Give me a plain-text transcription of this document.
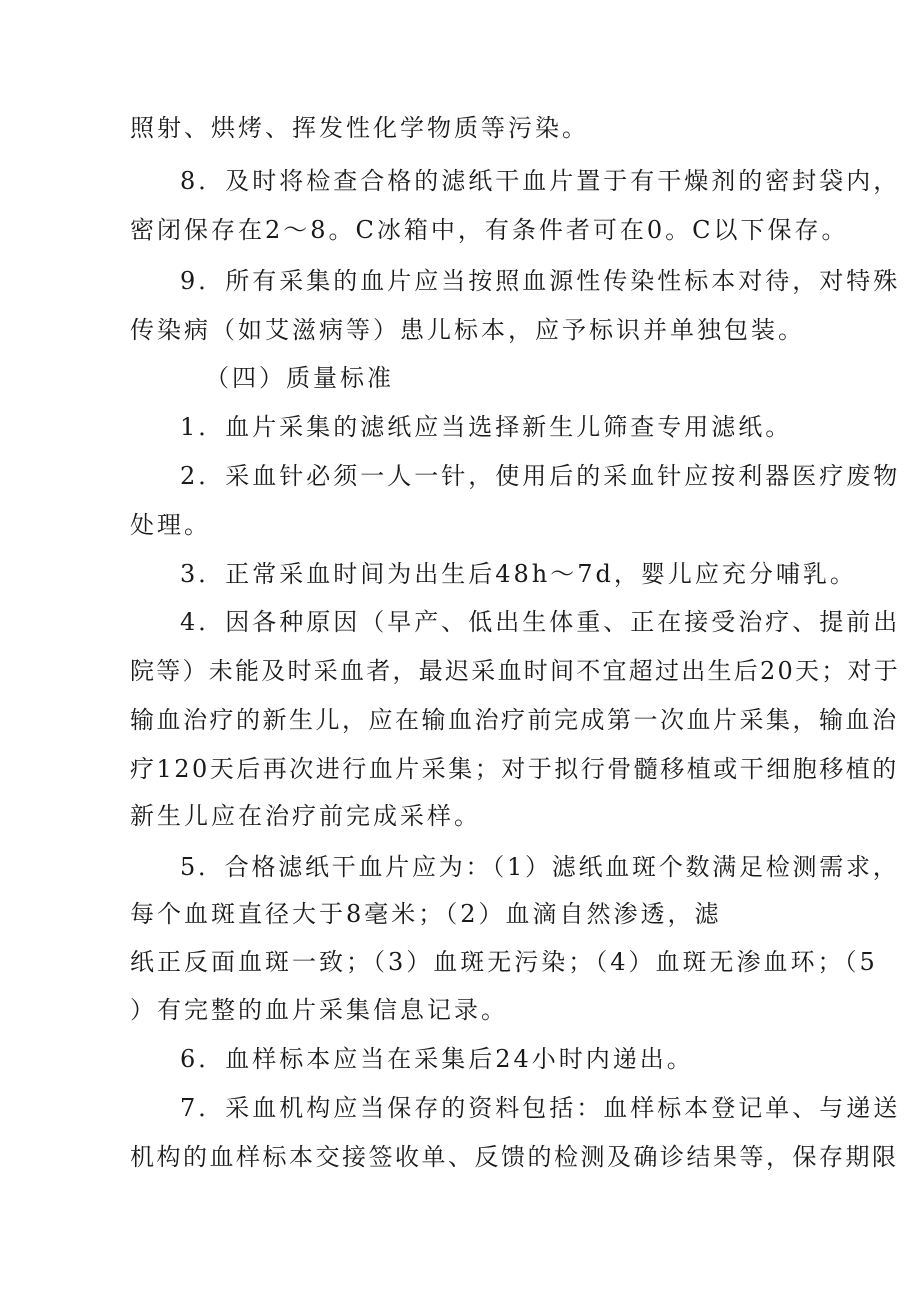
照射、烘烤、挥发性化学物质等污染。
8．及时将检查合格的滤纸干血片置于有干燥剂的密封袋内，
密闭保存在2～8。C冰箱中，有条件者可在0。C以下保存。
9．所有采集的血片应当按照血源性传染性标本对待，对特殊
传染病（如艾滋病等）患儿标本，应予标识并单独包装。
（四）质量标准
1．血片采集的滤纸应当选择新生儿筛查专用滤纸。
2．采血针必须一人一针，使用后的采血针应按利器医疗废物
处理。
3．正常采血时间为出生后48h～7d，婴儿应充分哺乳。
4．因各种原因（早产、低出生体重、正在接受治疗、提前出
院等）未能及时采血者，最迟采血时间不宜超过出生后20天；对于
输血治疗的新生儿，应在输血治疗前完成第一次血片采集，输血治
疗120天后再次进行血片采集；对于拟行骨髓移植或干细胞移植的
新生儿应在治疗前完成采样。
5．合格滤纸干血片应为：（1）滤纸血斑个数满足检测需求，
每个血斑直径大于8毫米；（2）血滴自然渗透，滤
纸正反面血斑一致；（3）血斑无污染；（4）血斑无渗血环；（5
）有完整的血片采集信息记录。
6．血样标本应当在采集后24小时内递出。
7．采血机构应当保存的资料包括：血样标本登记单、与递送
机构的血样标本交接签收单、反馈的检测及确诊结果等，保存期限
